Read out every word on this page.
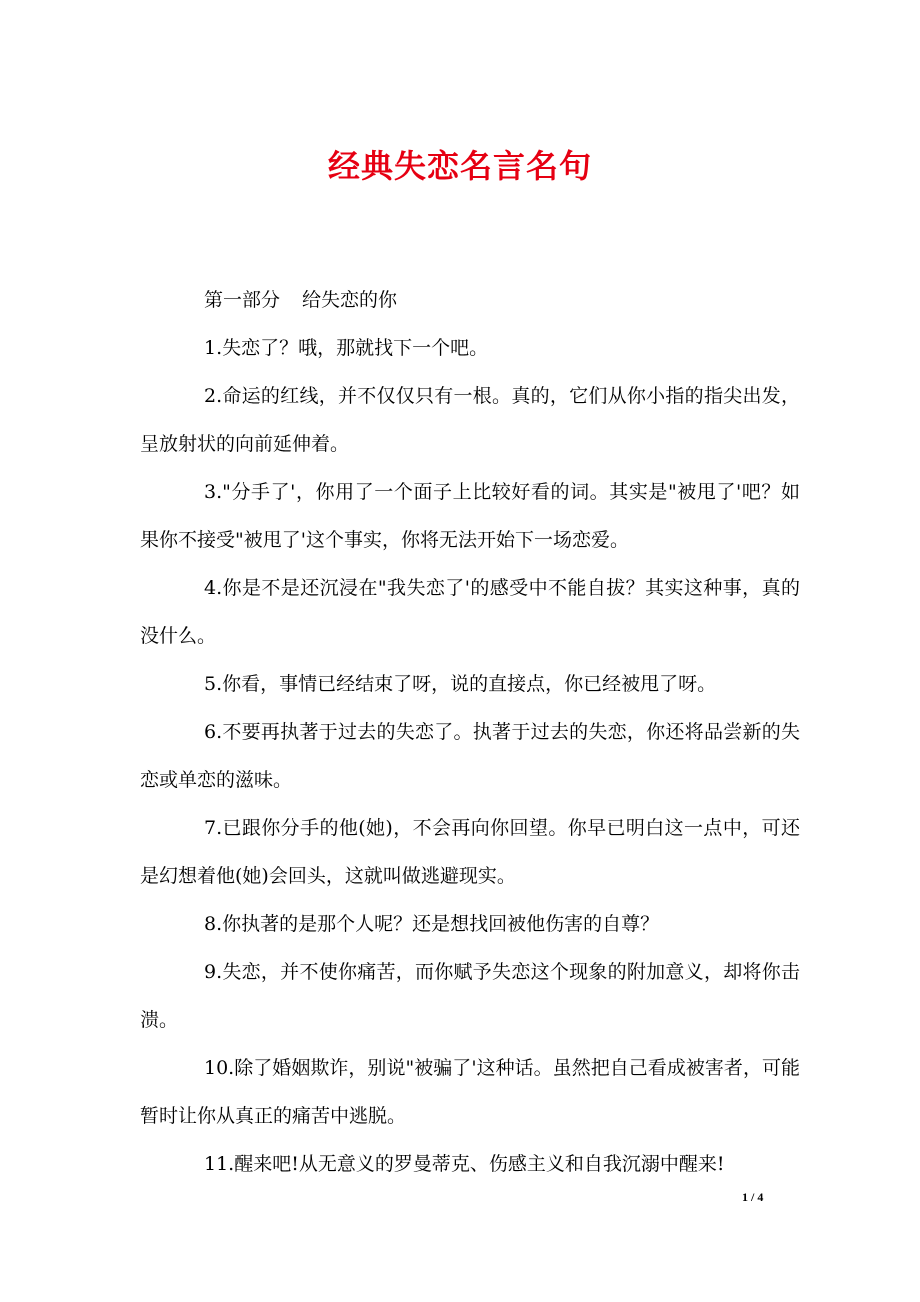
经典失恋名言名句

第一部分 给失恋的你

1.失恋了？哦，那就找下一个吧。

2.命运的红线，并不仅仅只有一根。真的，它们从你小指的指尖出发，呈放射状的向前延伸着。

3."分手了'，你用了一个面子上比较好看的词。其实是"被甩了'吧？如果你不接受"被甩了'这个事实，你将无法开始下一场恋爱。

4.你是不是还沉浸在"我失恋了'的感受中不能自拔？其实这种事，真的没什么。

5.你看，事情已经结束了呀，说的直接点，你已经被甩了呀。

6.不要再执著于过去的失恋了。执著于过去的失恋，你还将品尝新的失恋或单恋的滋味。

7.已跟你分手的他(她)，不会再向你回望。你早已明白这一点中，可还是幻想着他(她)会回头，这就叫做逃避现实。

8.你执著的是那个人呢？还是想找回被他伤害的自尊？

9.失恋，并不使你痛苦，而你赋予失恋这个现象的附加意义，却将你击溃。

10.除了婚姻欺诈，别说"被骗了'这种话。虽然把自己看成被害者，可能暂时让你从真正的痛苦中逃脱。

11.醒来吧!从无意义的罗曼蒂克、伤感主义和自我沉溺中醒来!

1 / 4
